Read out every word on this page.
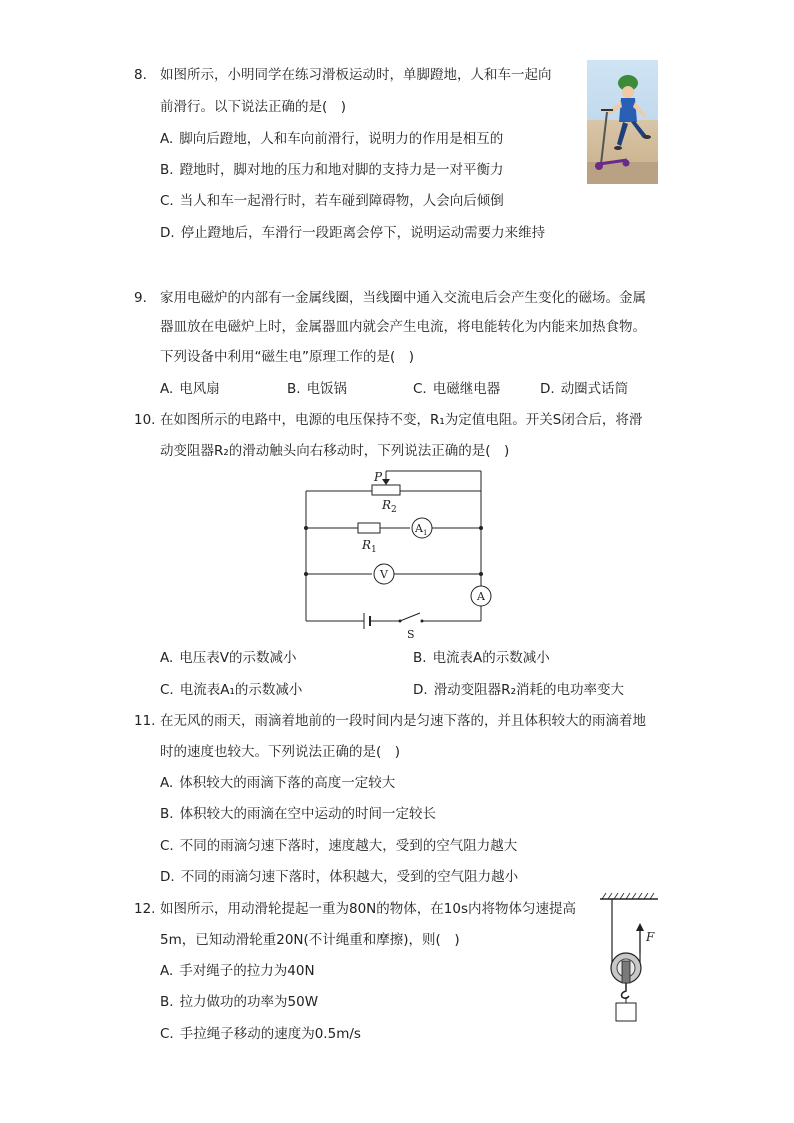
8. 如图所示，小明同学在练习滑板运动时，单脚蹬地，人和车一起向
前滑行。以下说法正确的是(　)
A. 脚向后蹬地，人和车向前滑行，说明力的作用是相互的
B. 蹬地时，脚对地的压力和地对脚的支持力是一对平衡力
C. 当人和车一起滑行时，若车碰到障碍物，人会向后倾倒
D. 停止蹬地后，车滑行一段距离会停下，说明运动需要力来维持
9. 家用电磁炉的内部有一金属线圈，当线圈中通入交流电后会产生变化的磁场。金属
器皿放在电磁炉上时，金属器皿内就会产生电流，将电能转化为内能来加热食物。
下列设备中利用“磁生电”原理工作的是(　)
A. 电风扇	B. 电饭锅	C. 电磁继电器	D. 动圈式话筒
10. 在如图所示的电路中，电源的电压保持不变，R₁为定值电阻。开关S闭合后，将滑
动变阻器R₂的滑动触头向右移动时，下列说法正确的是(　)
P
$R_2$
$R_1$
$A_1$
V
A
S
A. 电压表V的示数减小	B. 电流表A的示数减小
C. 电流表A₁的示数减小	D. 滑动变阻器R₂消耗的电功率变大
11. 在无风的雨天，雨滴着地前的一段时间内是匀速下落的，并且体积较大的雨滴着地
时的速度也较大。下列说法正确的是(　)
A. 体积较大的雨滴下落的高度一定较大
B. 体积较大的雨滴在空中运动的时间一定较长
C. 不同的雨滴匀速下落时，速度越大，受到的空气阻力越大
D. 不同的雨滴匀速下落时，体积越大，受到的空气阻力越小
12. 如图所示，用动滑轮提起一重为80N的物体，在10s内将物体匀速提高
5m，已知动滑轮重20N(不计绳重和摩擦)，则(　)
A. 手对绳子的拉力为40N
B. 拉力做功的功率为50W
C. 手拉绳子移动的速度为0.5m/s
F
